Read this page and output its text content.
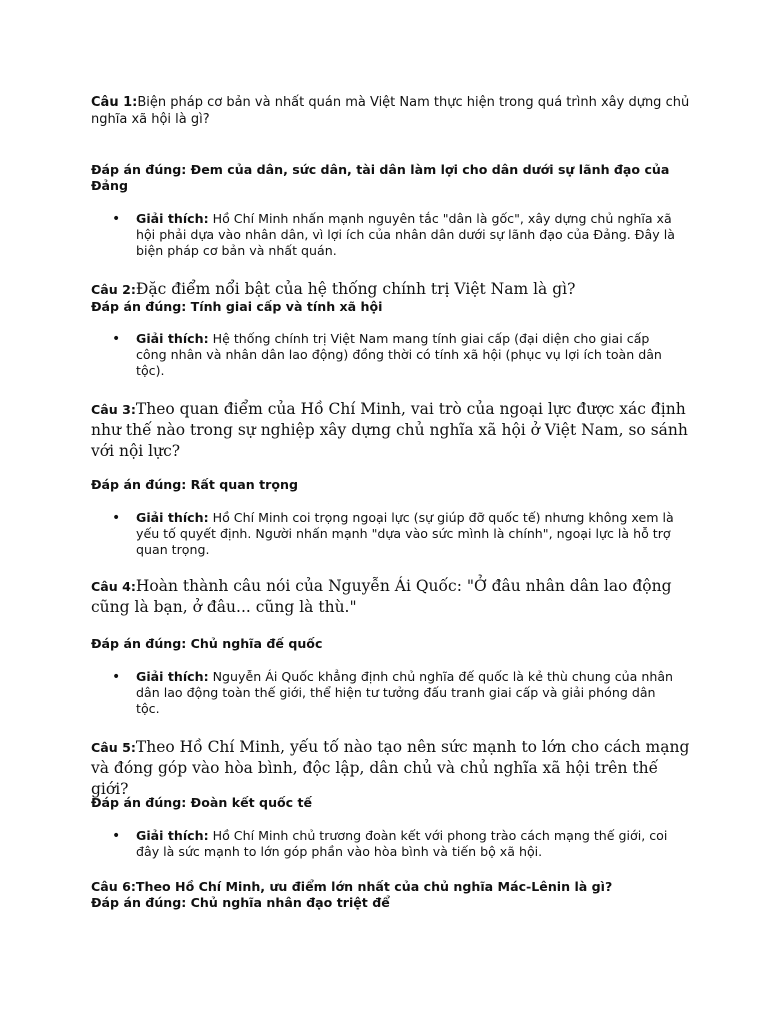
Câu 1:Biện pháp cơ bản và nhất quán mà Việt Nam thực hiện trong quá trình xây dựng chủ nghĩa xã hội là gì?
Đáp án đúng: Đem của dân, sức dân, tài dân làm lợi cho dân dưới sự lãnh đạo của Đảng
•	Giải thích: Hồ Chí Minh nhấn mạnh nguyên tắc "dân là gốc", xây dựng chủ nghĩa xã hội phải dựa vào nhân dân, vì lợi ích của nhân dân dưới sự lãnh đạo của Đảng. Đây là biện pháp cơ bản và nhất quán.
Câu 2:Đặc điểm nổi bật của hệ thống chính trị Việt Nam là gì?
Đáp án đúng: Tính giai cấp và tính xã hội
•	Giải thích: Hệ thống chính trị Việt Nam mang tính giai cấp (đại diện cho giai cấp công nhân và nhân dân lao động) đồng thời có tính xã hội (phục vụ lợi ích toàn dân tộc).
Câu 3:Theo quan điểm của Hồ Chí Minh, vai trò của ngoại lực được xác định như thế nào trong sự nghiệp xây dựng chủ nghĩa xã hội ở Việt Nam, so sánh với nội lực?
Đáp án đúng: Rất quan trọng
•	Giải thích: Hồ Chí Minh coi trọng ngoại lực (sự giúp đỡ quốc tế) nhưng không xem là yếu tố quyết định. Người nhấn mạnh "dựa vào sức mình là chính", ngoại lực là hỗ trợ quan trọng.
Câu 4:Hoàn thành câu nói của Nguyễn Ái Quốc: "Ở đâu nhân dân lao động cũng là bạn, ở đâu... cũng là thù."
Đáp án đúng: Chủ nghĩa đế quốc
•	Giải thích: Nguyễn Ái Quốc khẳng định chủ nghĩa đế quốc là kẻ thù chung của nhân dân lao động toàn thế giới, thể hiện tư tưởng đấu tranh giai cấp và giải phóng dân tộc.
Câu 5:Theo Hồ Chí Minh, yếu tố nào tạo nên sức mạnh to lớn cho cách mạng và đóng góp vào hòa bình, độc lập, dân chủ và chủ nghĩa xã hội trên thế giới?
Đáp án đúng: Đoàn kết quốc tế
•	Giải thích: Hồ Chí Minh chủ trương đoàn kết với phong trào cách mạng thế giới, coi đây là sức mạnh to lớn góp phần vào hòa bình và tiến bộ xã hội.
Câu 6:Theo Hồ Chí Minh, ưu điểm lớn nhất của chủ nghĩa Mác-Lênin là gì?
Đáp án đúng: Chủ nghĩa nhân đạo triệt để
